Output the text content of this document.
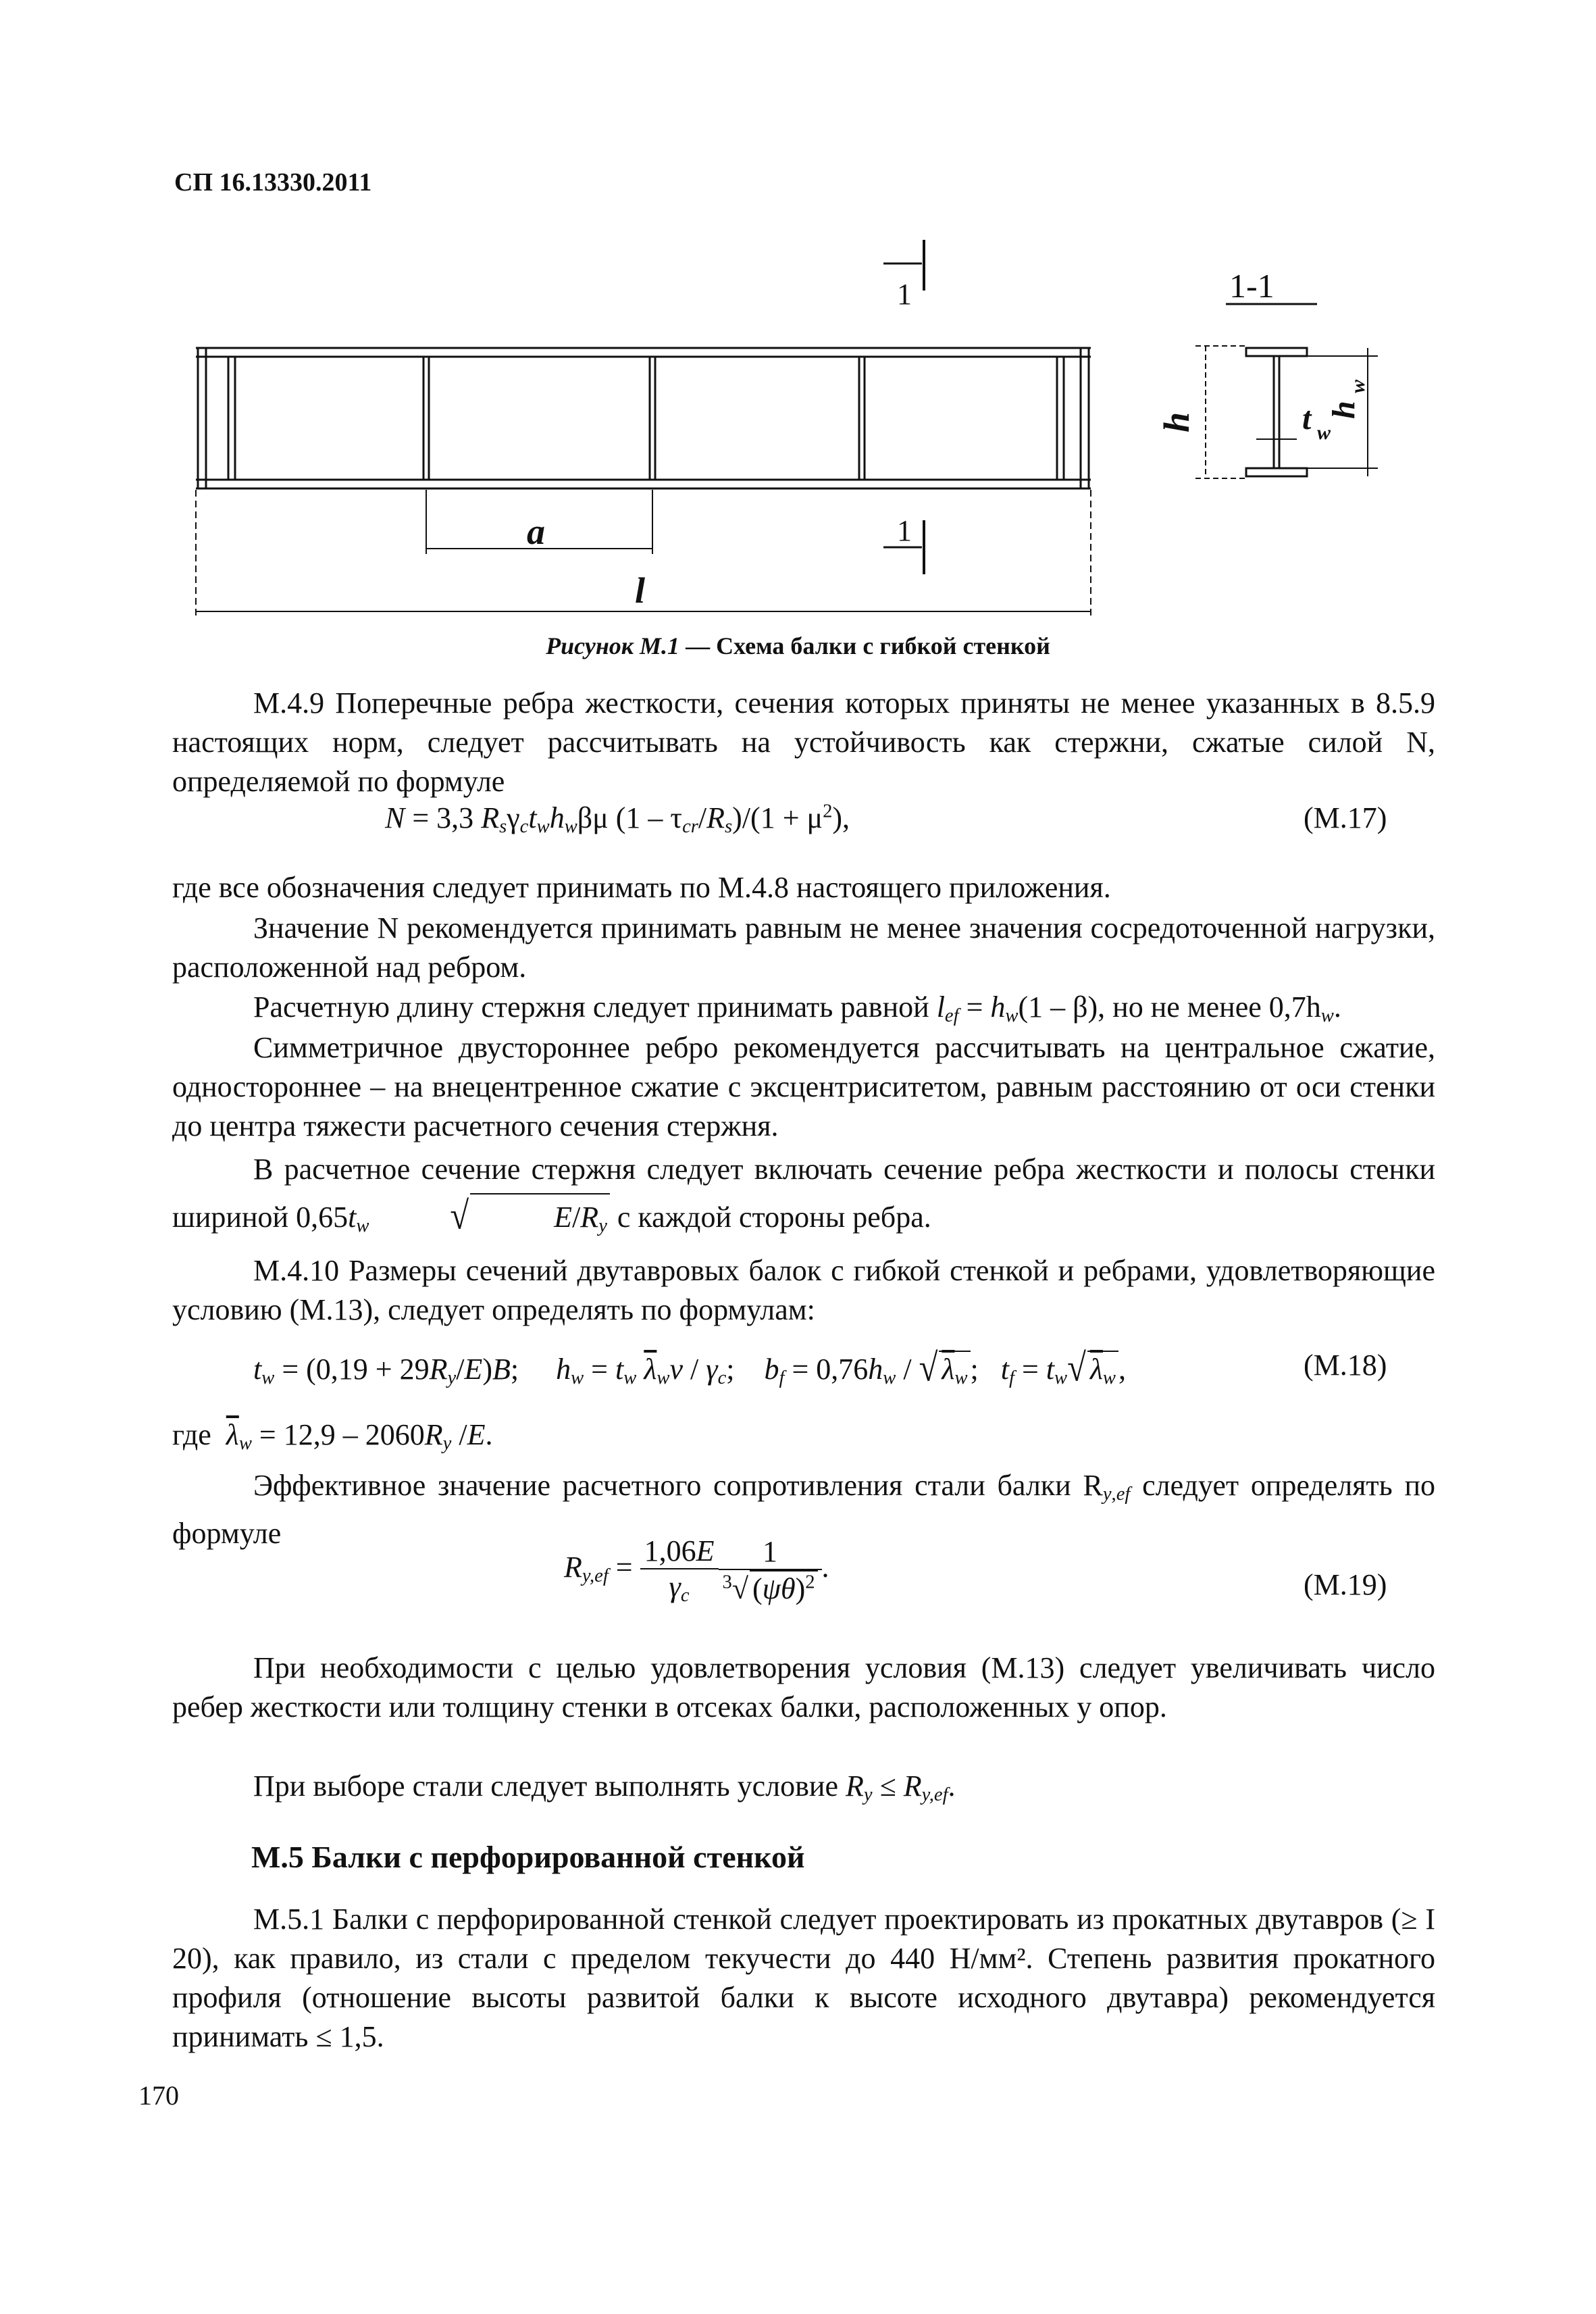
СП 16.13330.2011
1
1
1-1
a
l
h
h
w
t w
Рисунок М.1 — Схема балки с гибкой стенкой
М.4.9 Поперечные ребра жесткости, сечения которых приняты не менее указанных в 8.5.9 настоящих норм, следует рассчитывать на устойчивость как стержни, сжатые силой N, определяемой по формуле
N = 3,3 $R_s\gamma_ct_wh_w\beta\mu$ $(1 - \tau_{cr}/R_s)/(1 + \mu^2)$,	(М.17)
где все обозначения следует принимать по М.4.8 настоящего приложения.
Значение N рекомендуется принимать равным не менее значения сосредоточенной нагрузки, расположенной над ребром.
Расчетную длину стержня следует принимать равной $l_{ef} = h_w(1 - \beta)$, но не менее $0,7h_w$.
Симметричное двустороннее ребро рекомендуется рассчитывать на центральное сжатие, одностороннее – на внецентренное сжатие с эксцентриситетом, равным расстоянию от оси стенки до центра тяжести расчетного сечения стержня.
В расчетное сечение стержня следует включать сечение ребра жесткости и полосы стенки шириной $0,65t_w$ √	$E/R_y$ с каждой стороны ребра.
М.4.10 Размеры сечений двутавровых балок с гибкой стенкой и ребрами, удовлетворяющие условию (М.13), следует определять по формулам:
$t_w = (0,19 + 29R_y/E)B$;     $h_w = t_w$ $\overline{\lambda}_w\nu / \gamma_c$;    $b_f = 0,76h_w$ / √ $\lambda_w$;   $t_f = t_w√$ $\lambda_w$,	(М.18)
где $\overline{\lambda}_w = 12,9 - 2060R_y$ /E.
Эффективное значение расчетного сопротивления стали балки $R_{y,ef}$ следует определять по формуле
$R_{y,ef} = \frac{1,06E}{\gamma_c} \frac{1}{^3√ (\psi\theta)^2}$ .
(М.19)
При необходимости с целью удовлетворения условия (М.13) следует увеличивать число ребер жесткости или толщину стенки в отсеках балки, расположенных у опор.
При выборе стали следует выполнять условие $R_y \le R_{y,ef}$.
М.5 Балки с перфорированной стенкой
М.5.1 Балки с перфорированной стенкой следует проектировать из прокатных двутавров (≥ I 20), как правило, из стали с пределом текучести до 440 Н/мм². Степень развития прокатного профиля (отношение высоты развитой балки к высоте исходного двутавра) рекомендуется принимать ≤ 1,5.
170
